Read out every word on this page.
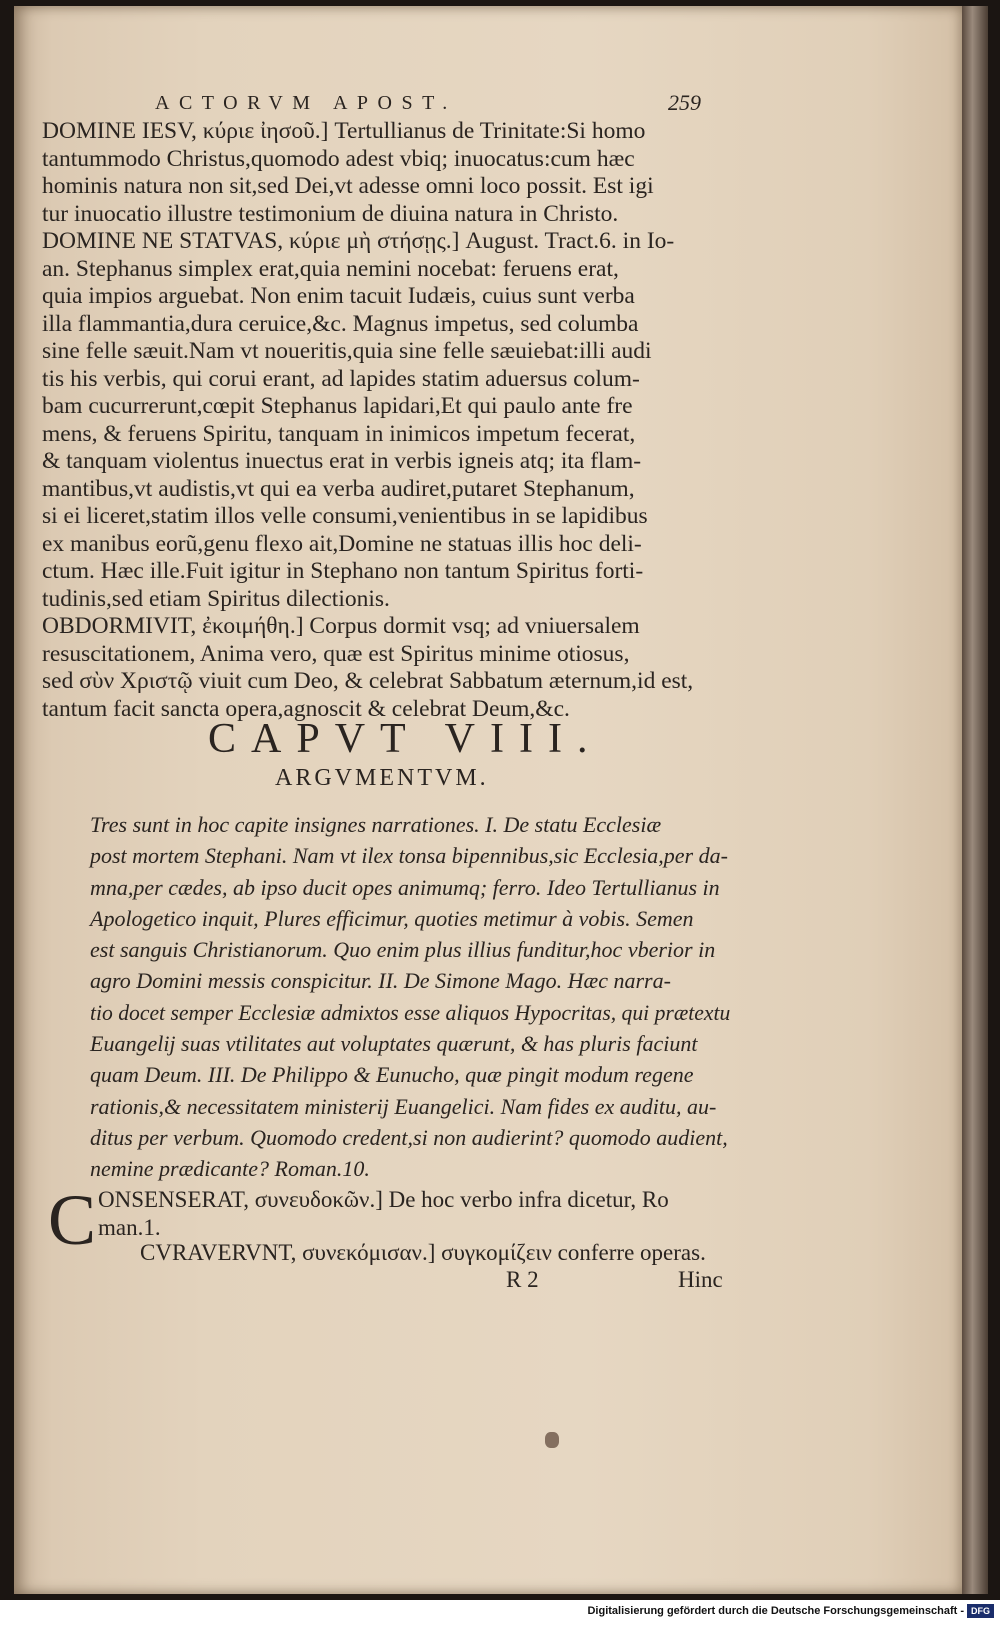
ACTORVM APOST.	259
DOMINE IESV, κύριε ἰησοῦ.] Tertullianus de Trinitate:Si homo
tantummodo Christus,quomodo adest vbiq; inuocatus:cum hæc
hominis natura non sit,sed Dei,vt adesse omni loco possit. Est igi
tur inuocatio illustre testimonium de diuina natura in Christo.
DOMINE NE STATVAS, κύριε μὴ στήσῃς.] August. Tract.6. in Io-
an. Stephanus simplex erat,quia nemini nocebat: feruens erat,
quia impios arguebat. Non enim tacuit Iudæis, cuius sunt verba
illa flammantia,dura ceruice,&c. Magnus impetus, sed columba
sine felle sæuit.Nam vt noueritis,quia sine felle sæuiebat:illi audi
tis his verbis, qui corui erant, ad lapides statim aduersus colum-
bam cucurrerunt,cœpit Stephanus lapidari,Et qui paulo ante fre
mens, & feruens Spiritu, tanquam in inimicos impetum fecerat,
& tanquam violentus inuectus erat in verbis igneis atq; ita flam-
mantibus,vt audistis,vt qui ea verba audiret,putaret Stephanum,
si ei liceret,statim illos velle consumi,venientibus in se lapidibus
ex manibus eorũ,genu flexo ait,Domine ne statuas illis hoc deli-
ctum. Hæc ille.Fuit igitur in Stephano non tantum Spiritus forti-
tudinis,sed etiam Spiritus dilectionis.
OBDORMIVIT, ἐκοιμήθη.] Corpus dormit vsq; ad vniuersalem
resuscitationem, Anima vero, quæ est Spiritus minime otiosus,
sed σὺν Χριστῷ viuit cum Deo, & celebrat Sabbatum æternum,id est,
tantum facit sancta opera,agnoscit & celebrat Deum,&c.
CAPVT VIII.
ARGVMENTVM.
Tres sunt in hoc capite insignes narrationes. I. De statu Ecclesiæ
post mortem Stephani. Nam vt ilex tonsa bipennibus,sic Ecclesia,per da-
mna,per cædes, ab ipso ducit opes animumq; ferro. Ideo Tertullianus in
Apologetico inquit, Plures efficimur, quoties metimur à vobis. Semen
est sanguis Christianorum. Quo enim plus illius funditur,hoc vberior in
agro Domini messis conspicitur. II. De Simone Mago. Hæc narra-
tio docet semper Ecclesiæ admixtos esse aliquos Hypocritas, qui prætextu
Euangelij suas vtilitates aut voluptates quærunt, & has pluris faciunt
quam Deum. III. De Philippo & Eunucho, quæ pingit modum regene
rationis,& necessitatem ministerij Euangelici. Nam fides ex auditu, au-
ditus per verbum. Quomodo credent,si non audierint? quomodo audient,
nemine prædicante? Roman.10.
C ONSENSERAT, συνευδοκῶν.] De hoc verbo infra dicetur, Ro
man.1.
CVRAVERVNT, συνεκόμισαν.] συγκομίζειν conferre operas.
R 2	Hinc
Digitalisierung gefördert durch die Deutsche Forschungsgemeinschaft - DFG
